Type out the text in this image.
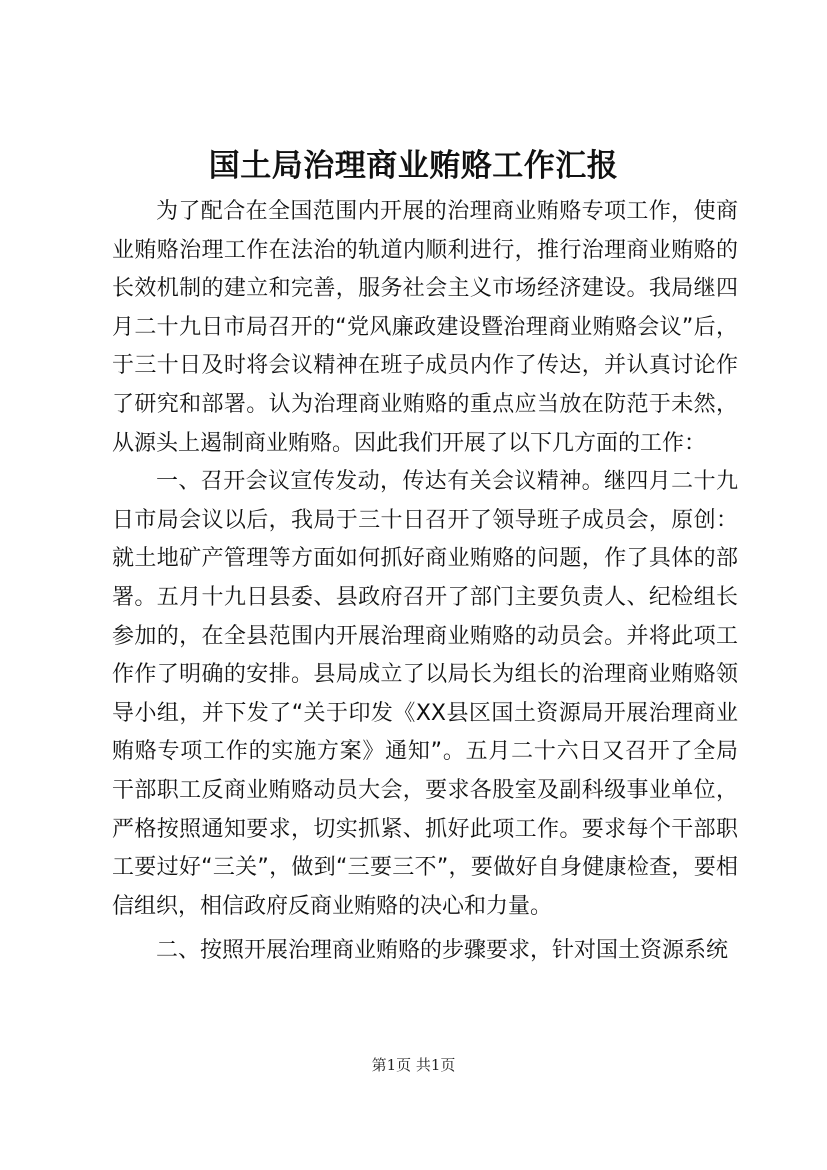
国土局治理商业贿赂工作汇报

为了配合在全国范围内开展的治理商业贿赂专项工作，使商业贿赂治理工作在法治的轨道内顺利进行，推行治理商业贿赂的长效机制的建立和完善，服务社会主义市场经济建设。我局继四月二十九日市局召开的“党风廉政建设暨治理商业贿赂会议”后，于三十日及时将会议精神在班子成员内作了传达，并认真讨论作了研究和部署。认为治理商业贿赂的重点应当放在防范于未然，从源头上遏制商业贿赂。因此我们开展了以下几方面的工作：

一、召开会议宣传发动，传达有关会议精神。继四月二十九日市局会议以后，我局于三十日召开了领导班子成员会，原创：就土地矿产管理等方面如何抓好商业贿赂的问题，作了具体的部署。五月十九日县委、县政府召开了部门主要负责人、纪检组长参加的，在全县范围内开展治理商业贿赂的动员会。并将此项工作作了明确的安排。县局成立了以局长为组长的治理商业贿赂领导小组，并下发了“关于印发《XX县区国土资源局开展治理商业贿赂专项工作的实施方案》通知”。五月二十六日又召开了全局干部职工反商业贿赂动员大会，要求各股室及副科级事业单位，严格按照通知要求，切实抓紧、抓好此项工作。要求每个干部职工要过好“三关”，做到“三要三不”，要做好自身健康检查，要相信组织，相信政府反商业贿赂的决心和力量。

二、按照开展治理商业贿赂的步骤要求，针对国土资源系统

第1页 共1页
